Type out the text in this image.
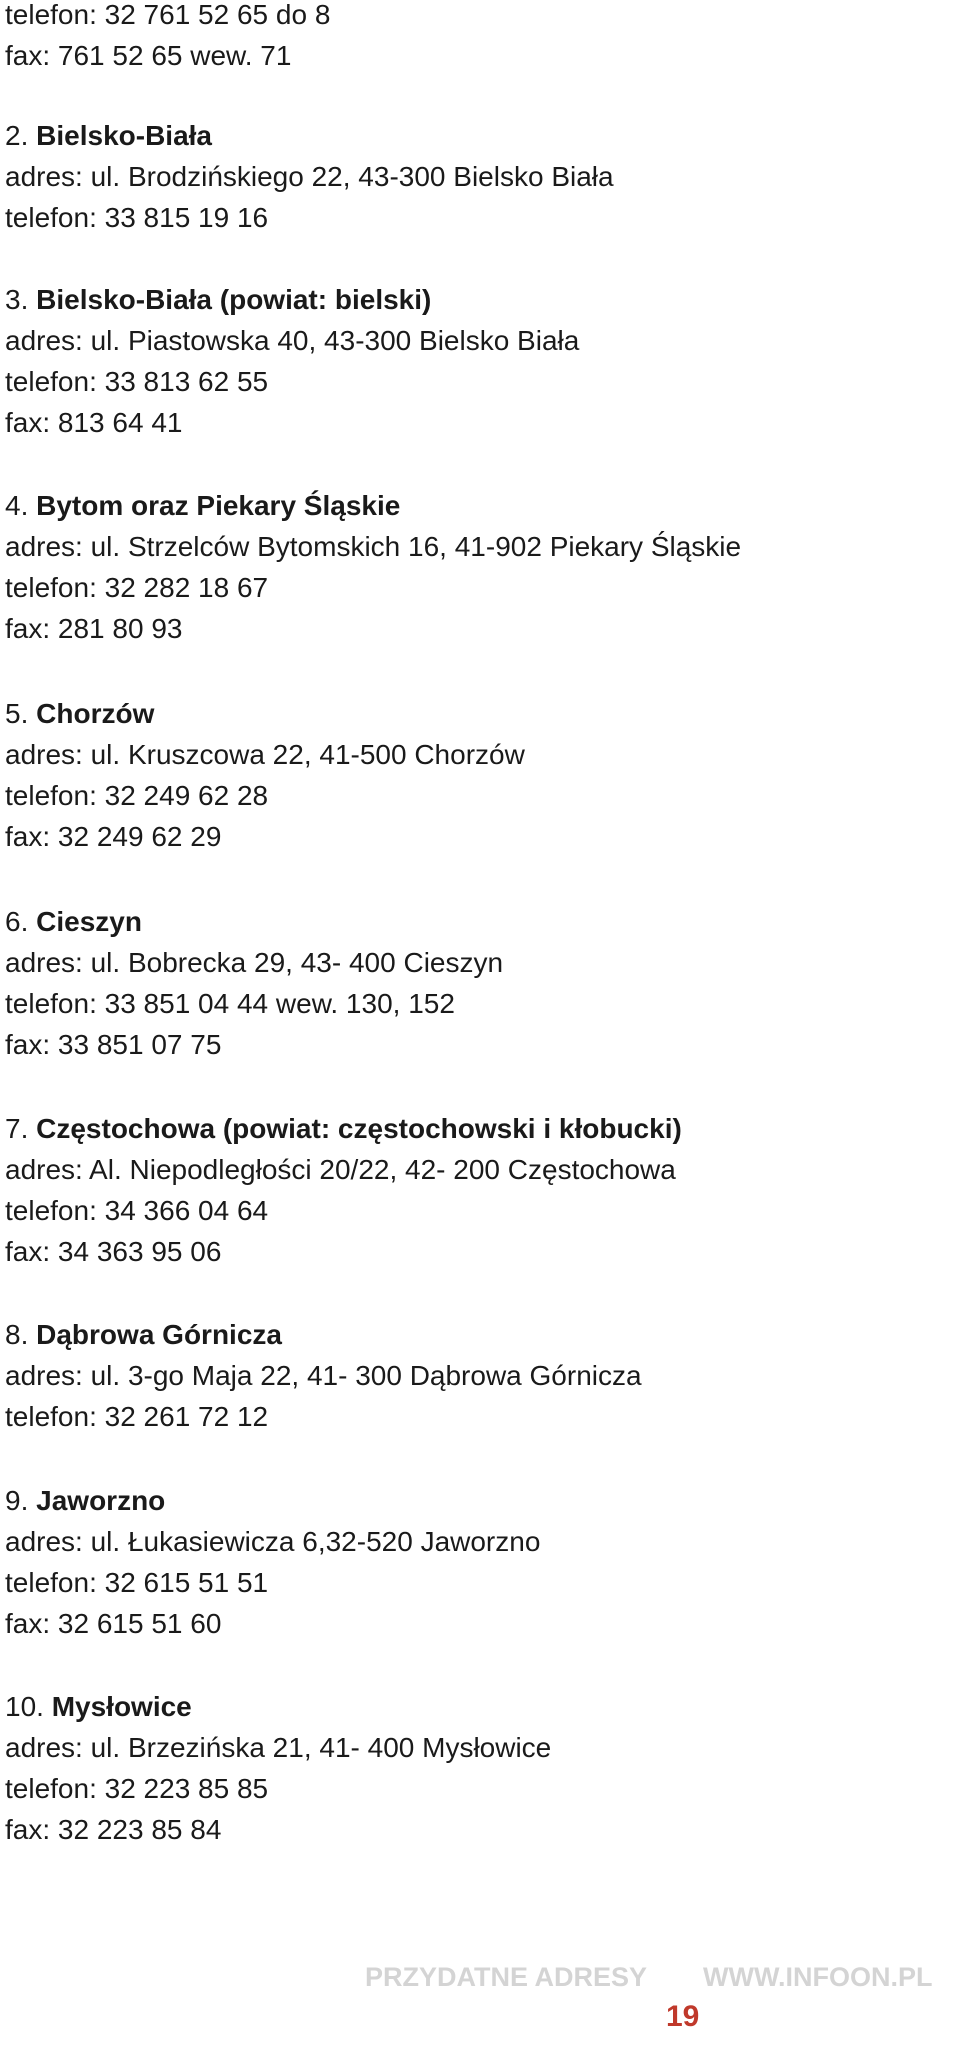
telefon: 32 761 52 65 do 8
fax: 761 52 65 wew. 71
2. Bielsko-Biała
adres: ul. Brodzińskiego 22, 43-300 Bielsko Biała
telefon: 33 815 19 16
3. Bielsko-Biała (powiat: bielski)
adres: ul. Piastowska 40, 43-300 Bielsko Biała
telefon: 33 813 62 55
fax: 813 64 41
4. Bytom oraz Piekary Śląskie
adres: ul. Strzelców Bytomskich 16, 41-902 Piekary Śląskie
telefon: 32 282 18 67
fax: 281 80 93
5. Chorzów
adres: ul. Kruszcowa 22, 41-500 Chorzów
telefon: 32 249 62 28
fax: 32 249 62 29
6. Cieszyn
adres: ul. Bobrecka 29, 43- 400 Cieszyn
telefon: 33 851 04 44 wew. 130, 152
fax: 33 851 07 75
7. Częstochowa (powiat: częstochowski i kłobucki)
adres: Al. Niepodległości 20/22, 42- 200 Częstochowa
telefon: 34 366 04 64
fax: 34 363 95 06
8. Dąbrowa Górnicza
adres: ul. 3-go Maja 22, 41- 300 Dąbrowa Górnicza
telefon: 32 261 72 12
9. Jaworzno
adres: ul. Łukasiewicza 6,32-520 Jaworzno
telefon: 32 615 51 51
fax: 32 615 51 60
10. Mysłowice
adres: ul. Brzezińska 21, 41- 400 Mysłowice
telefon: 32 223 85 85
fax: 32 223 85 84
PRZYDATNE ADRESY WWW.INFOON.PL
19
